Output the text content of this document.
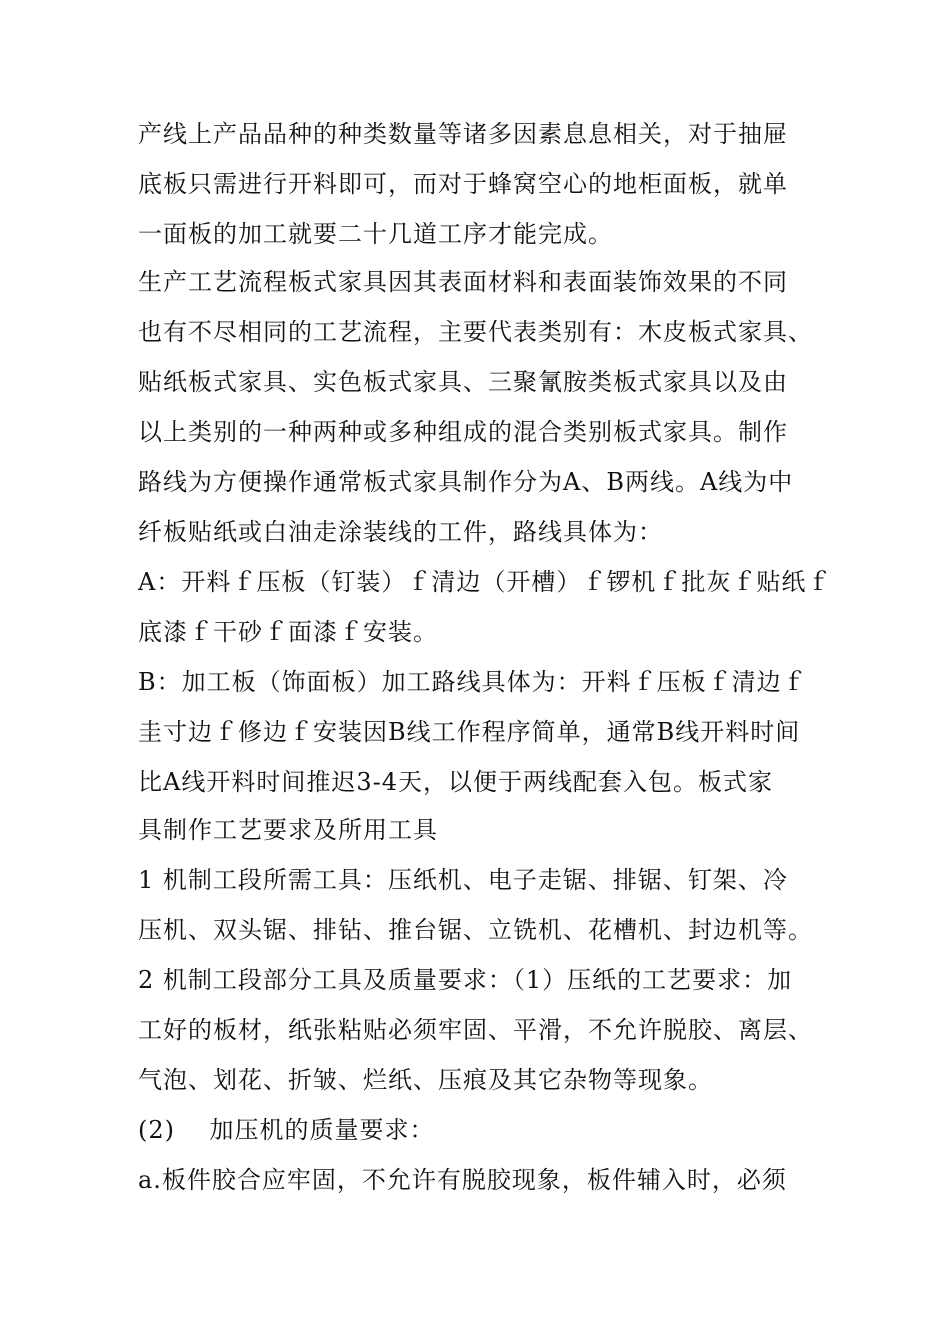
产线上产品品种的种类数量等诸多因素息息相关，对于抽屉
底板只需进行开料即可，而对于蜂窝空心的地柜面板，就单
一面板的加工就要二十几道工序才能完成。
生产工艺流程板式家具因其表面材料和表面装饰效果的不同
也有不尽相同的工艺流程，主要代表类别有：木皮板式家具、
贴纸板式家具、实色板式家具、三聚氰胺类板式家具以及由
以上类别的一种两种或多种组成的混合类别板式家具。制作
路线为方便操作通常板式家具制作分为A、B两线。A线为中
纤板贴纸或白油走涂装线的工件，路线具体为：
A：开料ｆ压板（钉装）ｆ清边（开槽）ｆ锣机ｆ批灰ｆ贴纸ｆ
底漆ｆ干砂ｆ面漆ｆ安装。
B：加工板（饰面板）加工路线具体为：开料ｆ压板ｆ清边ｆ
圭寸边ｆ修边ｆ安装因B线工作程序简单，通常B线开料时间
比A线开料时间推迟3-4天，以便于两线配套入包。板式家
具制作工艺要求及所用工具
1 机制工段所需工具：压纸机、电子走锯、排锯、钉架、冷
压机、双头锯、排钻、推台锯、立铣机、花槽机、封边机等。
2 机制工段部分工具及质量要求：（1）压纸的工艺要求：加
工好的板材，纸张粘贴必须牢固、平滑，不允许脱胶、离层、
气泡、划花、折皱、烂纸、压痕及其它杂物等现象。
(2)    加压机的质量要求：
a.板件胶合应牢固，不允许有脱胶现象，板件辅入时，必须
